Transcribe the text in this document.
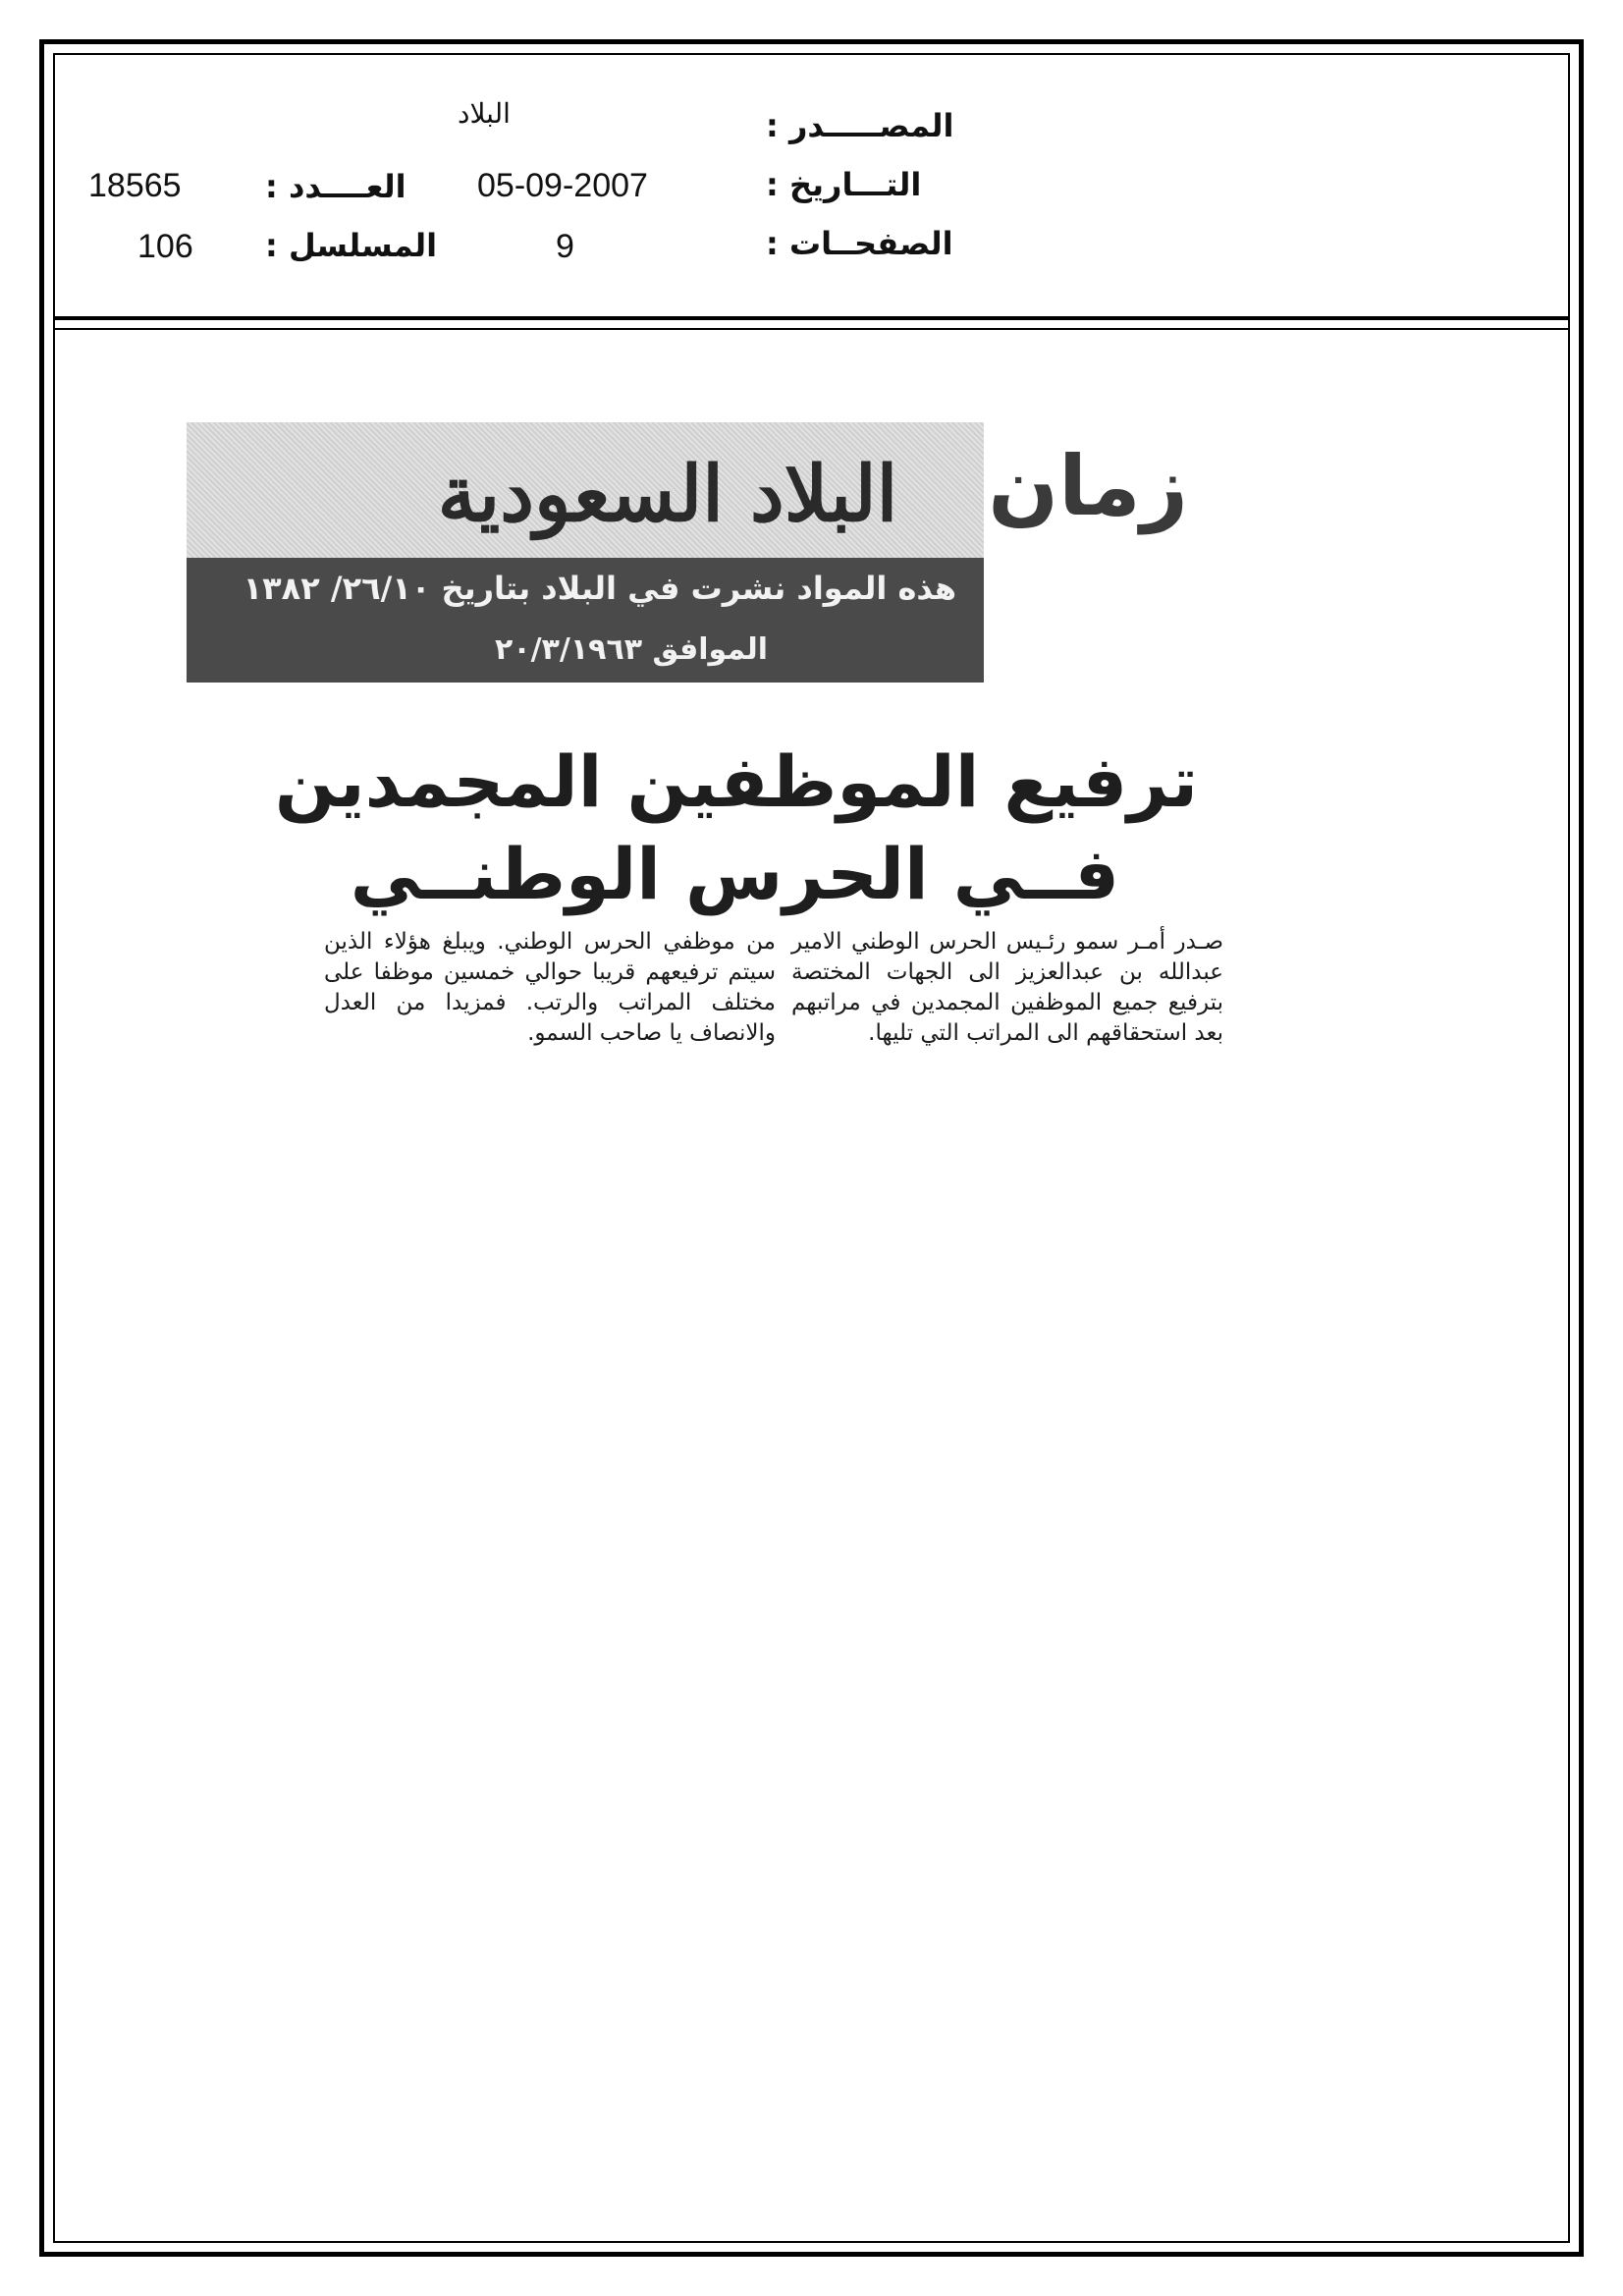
المصـــــدر :
التـــاريخ :
الصفحــات :
البلاد
05-09-2007
9
العــــدد :
المسلسل :
18565
106
البلاد السعودية
هذه المواد نشرت في البلاد بتاريخ ٢٦/١٠/ ١٣٨٢
الموافق ٢٠/٣/١٩٦٣
زمان
ترفيع الموظفين المجمدين
فــي الحرس الوطنــي

صـدر أمـر سمو رئـيس الحرس الوطني الامير عبدالله بن عبدالعزيز الى الجهات المختصة بترفيع جميع الموظفين المجمدين في مراتبهم بعد استحقاقهم الى المراتب التي تليها.

من موظفي الحرس الوطني. ويبلغ هؤلاء الذين سيتم ترفيعهم قريبا حوالي خمسين موظفا على مختلف المراتب والرتب. فمزيدا من العدل والانصاف يا صاحب السمو.
